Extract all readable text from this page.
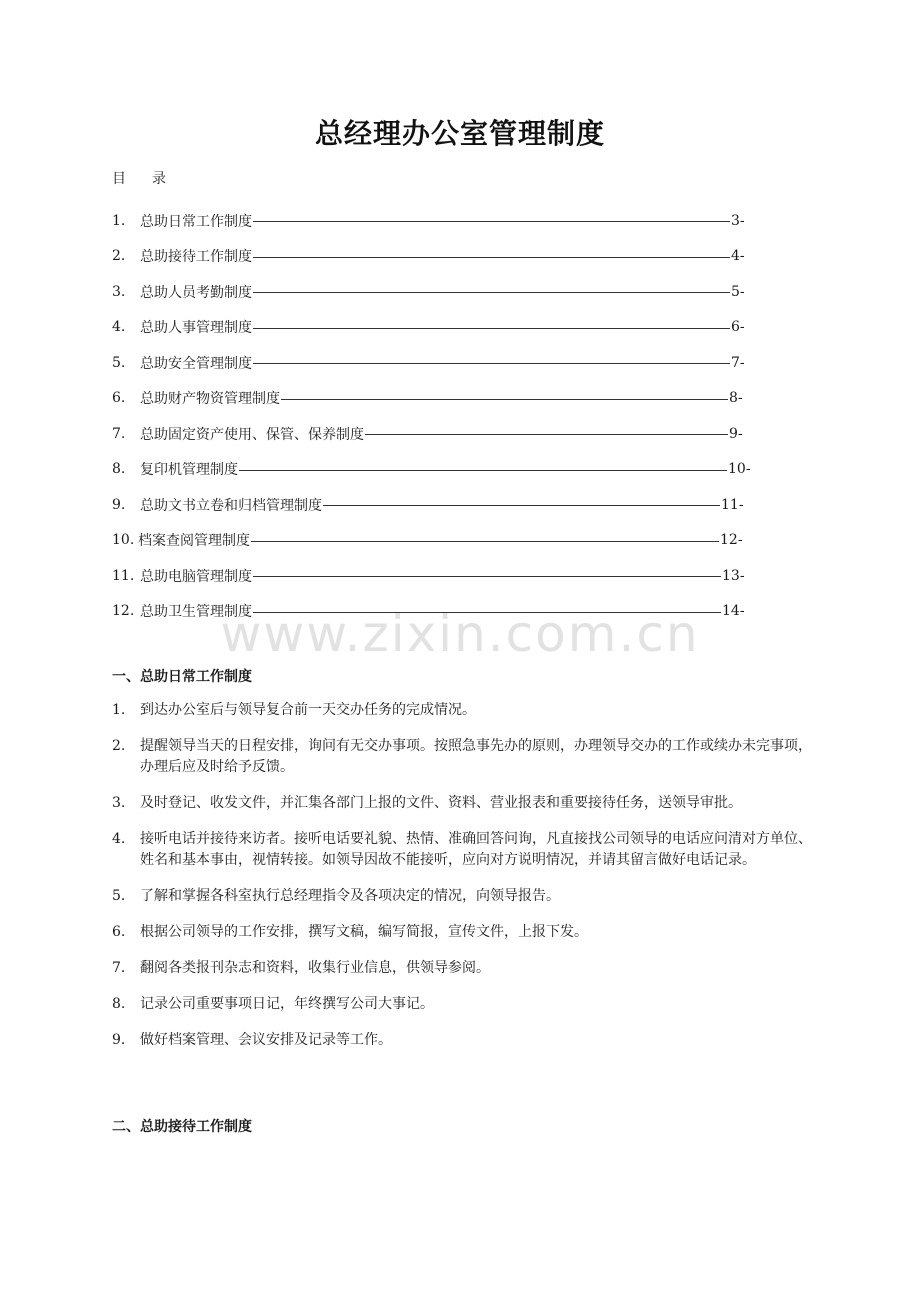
总经理办公室管理制度
目 录
1.	总助日常工作制度	3-
2.	总助接待工作制度	4-
3.	总助人员考勤制度	5-
4.	总助人事管理制度	6-
5.	总助安全管理制度	7-
6.	总助财产物资管理制度	8-
7.	总助固定资产使用、保管、保养制度	9-
8.	复印机管理制度	10-
9.	总助文书立卷和归档管理制度	11-
10. 档案查阅管理制度	12-
11. 总助电脑管理制度	13-
12. 总助卫生管理制度	14-
www.zixin.com.cn
一、总助日常工作制度
1.	到达办公室后与领导复合前一天交办任务的完成情况。
2.	提醒领导当天的日程安排，询问有无交办事项。按照急事先办的原则，办理领导交办的工作或续办未完事项，办理后应及时给予反馈。
3.	及时登记、收发文件，并汇集各部门上报的文件、资料、营业报表和重要接待任务，送领导审批。
4.	接听电话并接待来访者。接听电话要礼貌、热情、准确回答问询，凡直接找公司领导的电话应问清对方单位、姓名和基本事由，视情转接。如领导因故不能接听，应向对方说明情况，并请其留言做好电话记录。
5.	了解和掌握各科室执行总经理指令及各项决定的情况，向领导报告。
6.	根据公司领导的工作安排，撰写文稿，编写简报，宣传文件，上报下发。
7.	翻阅各类报刊杂志和资料，收集行业信息，供领导参阅。
8.	记录公司重要事项日记，年终撰写公司大事记。
9.	做好档案管理、会议安排及记录等工作。
二、总助接待工作制度
